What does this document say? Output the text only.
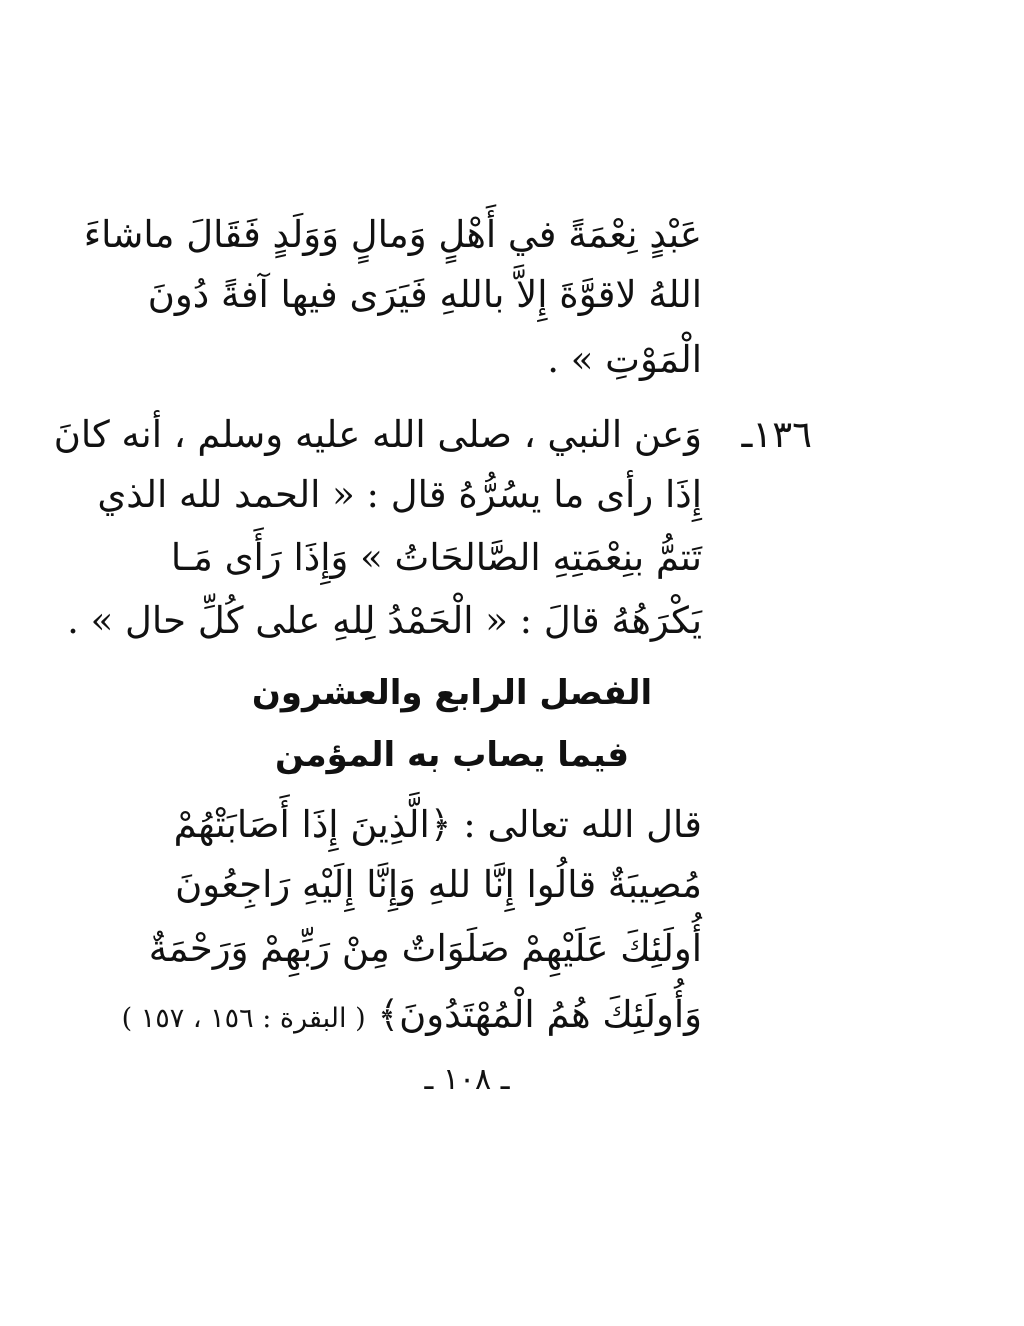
عَبْدٍ نِعْمَةً في أَهْلٍ وَمالٍ وَوَلَدٍ فَقَالَ ماشاءَ
اللهُ لاقوَّةَ إِلاَّ باللهِ فَيَرَى فيها آفةً دُونَ
الْمَوْتِ » .
١٣٦ـ
وَعن النبي ، صلى الله عليه وسلم ، أنه كانَ
إِذَا رأى ما يسُرُّهُ قال : « الحمد لله الذي
تَتمُّ بنِعْمَتِهِ الصَّالحَاتُ » وَإِذَا رَأَى مَـا
يَكْرَهُهُ قالَ : « الْحَمْدُ لِلهِ على كُلِّ حال » .
الفصل الرابع والعشرون
فيما يصاب به المؤمن
قال الله تعالى : ﴿الَّذِينَ إِذَا أَصَابَتْهُمْ
مُصِيبَةٌ قالُوا إِنَّا للهِ وَإِنَّا إِلَيْهِ رَاجِعُونَ
أُولَئِكَ عَلَيْهِمْ صَلَوَاتٌ مِنْ رَبِّهِمْ وَرَحْمَةٌ
وَأُولَئِكَ هُمُ الْمُهْتَدُونَ﴾ ( البقرة : ١٥٦ ، ١٥٧ )
ـ ١٠٨ ـ
